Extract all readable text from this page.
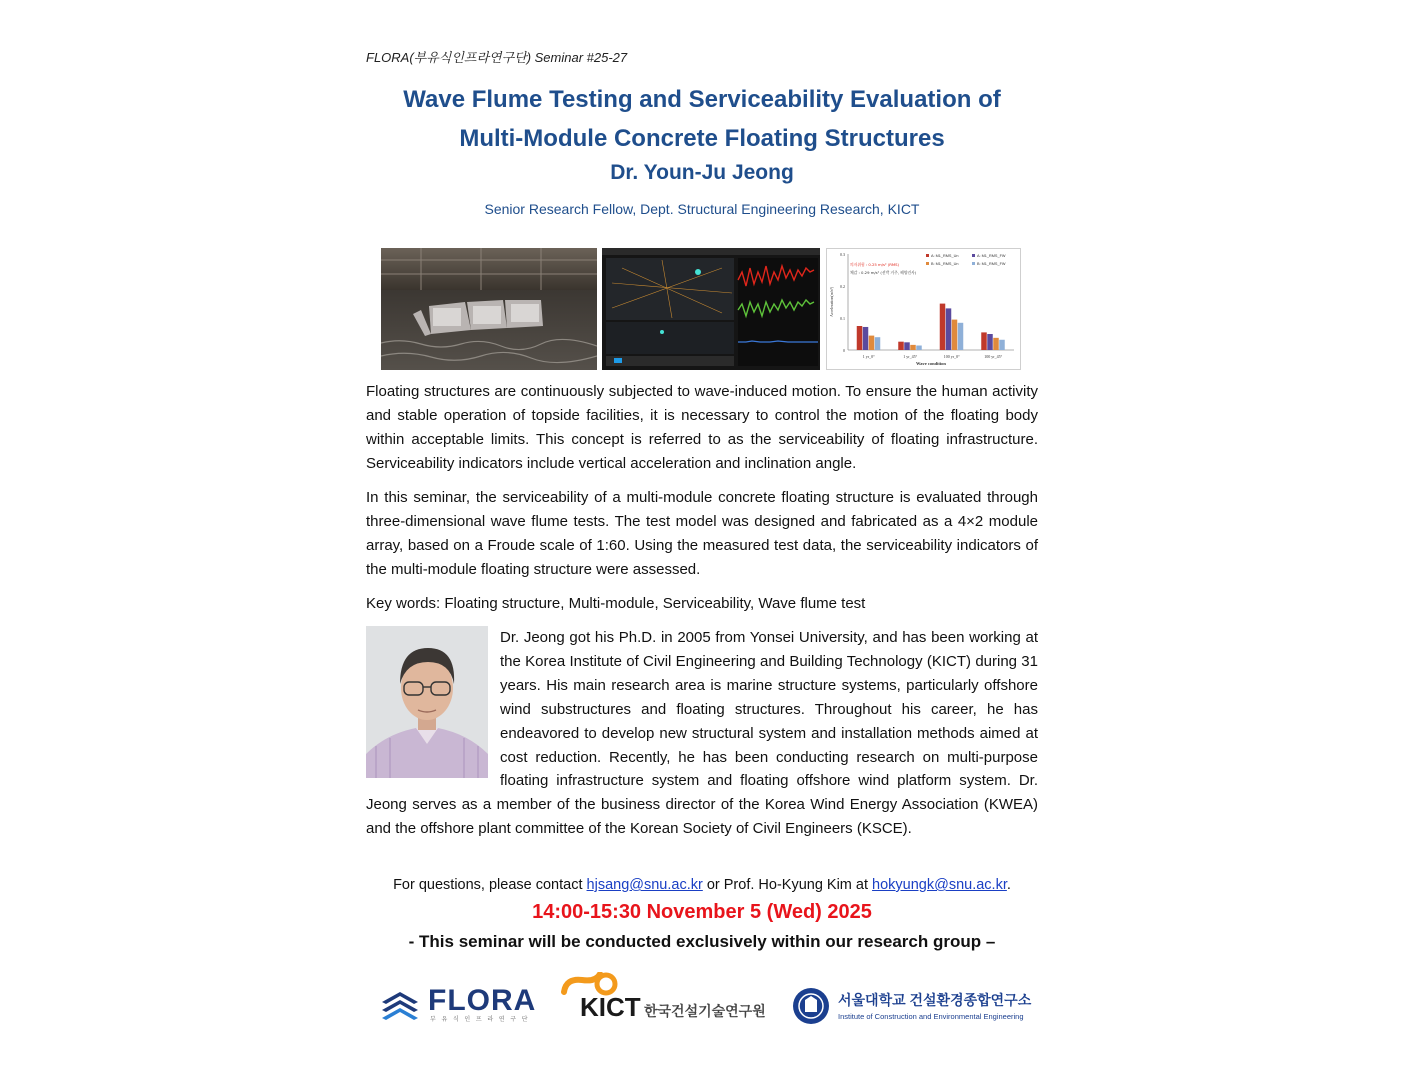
FLORA(부유식인프라연구단) Seminar #25-27
Wave Flume Testing and Serviceability Evaluation of
Multi-Module Concrete Floating Structures
Dr. Youn-Ju Jeong
Senior Research Fellow, Dept. Structural Engineering Research, KICT
0
0.1
0.2
0.3
Acceleration(m/s²)
Wave condition
1 yr_0°	1 yr_45°	100 yr_0°	100 yr_45°
A: M1_RMS_Un	A: M1_RMS_FW
B: M1_RMS_Un	B: M1_RMS_FW
의자위험 : 0.25 m/s² (RMS)
체감 : 0.29 m/s² (선박 거주, 해양건사)
Floating structures are continuously subjected to wave-induced motion. To ensure the human activity and stable operation of topside facilities, it is necessary to control the motion of the floating body within acceptable limits. This concept is referred to as the serviceability of floating infrastructure. Serviceability indicators include vertical acceleration and inclination angle.
In this seminar, the serviceability of a multi-module concrete floating structure is evaluated through three-dimensional wave flume tests. The test model was designed and fabricated as a 4×2 module array, based on a Froude scale of 1:60. Using the measured test data, the serviceability indicators of the multi-module floating structure were assessed.
Key words: Floating structure, Multi-module, Serviceability, Wave flume test
Dr. Jeong got his Ph.D. in 2005 from Yonsei University, and has been working at the Korea Institute of Civil Engineering and Building Technology (KICT) during 31 years. His main research area is marine structure systems, particularly offshore wind substructures and floating structures. Throughout his career, he has endeavored to develop new structural system and installation methods aimed at cost reduction. Recently, he has been conducting research on multi-purpose floating infrastructure system and floating offshore wind platform system. Dr. Jeong serves as a member of the business director of the Korea Wind Energy Association (KWEA) and the offshore plant committee of the Korean Society of Civil Engineers (KSCE).
For questions, please contact hjsang@snu.ac.kr or Prof. Ho-Kyung Kim at hokyungk@snu.ac.kr.
14:00-15:30 November 5 (Wed) 2025
- This seminar will be conducted exclusively within our research group –
FLORA
부 유 식 인 프 라 연 구 단 KICT 한국건설기술연구원
서울대학교 건설환경종합연구소
Institute of Construction and Environmental Engineering
